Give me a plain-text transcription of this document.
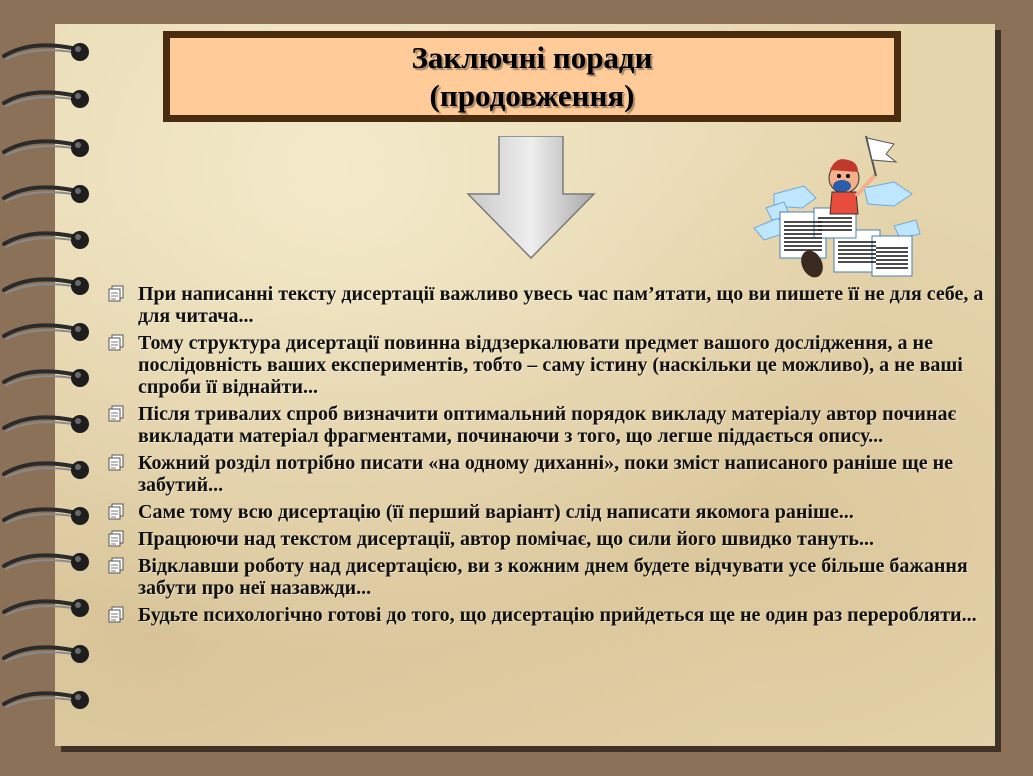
Заключні поради
(продовження)
При написанні тексту дисертації важливо увесь час пам’ятати, що ви пишете її не для себе, а для читача...
Тому структура дисертації повинна віддзеркалювати предмет вашого дослідження, а не послідовність ваших експериментів, тобто – саму істину (наскільки це можливо), а не ваші спроби її віднайти...
Після тривалих спроб визначити оптимальний порядок викладу матеріалу автор починає викладати матеріал фрагментами, починаючи з того, що легше піддається опису...
Кожний розділ потрібно писати «на одному диханні», поки зміст написаного раніше ще не забутий...
Саме тому всю дисертацію (її перший варіант) слід написати якомога раніше...
Працюючи над текстом дисертації, автор помічає, що сили його швидко тануть...
Відклавши роботу над дисертацією, ви з кожним днем будете відчувати усе більше бажання забути про неї назавжди...
Будьте психологічно готові до того, що дисертацію прийдеться ще не один раз переробляти...
